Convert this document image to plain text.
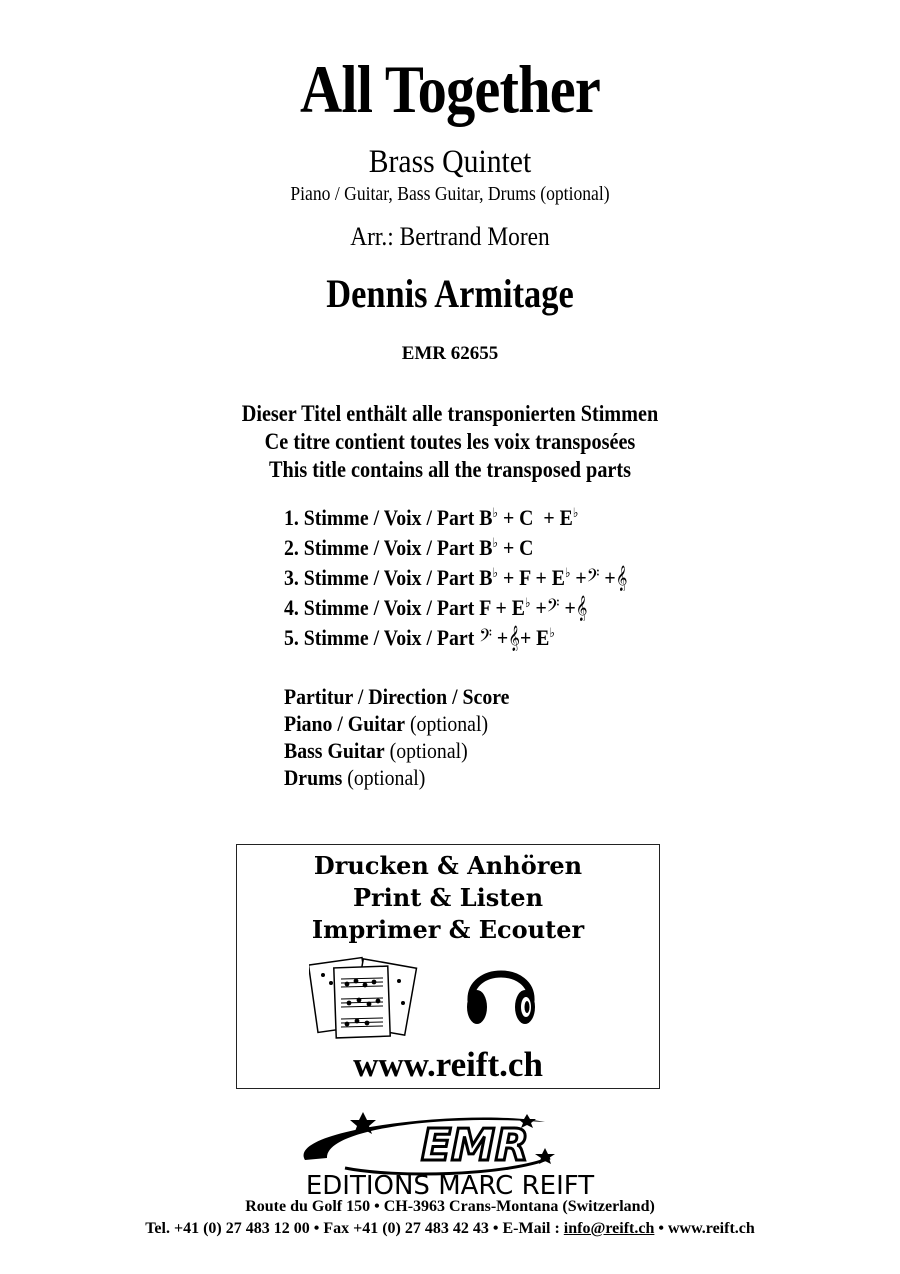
All Together
Brass Quintet
Piano / Guitar, Bass Guitar, Drums (optional)
Arr.: Bertrand Moren
Dennis Armitage
EMR 62655
Dieser Titel enthält alle transponierten Stimmen
Ce titre contient toutes les voix transposées
This title contains all the transposed parts
1. Stimme / Voix / Part B♭ + C + E♭
2. Stimme / Voix / Part B♭ + C
3. Stimme / Voix / Part B♭ + F + E♭ +𝄢 +𝄞
4. Stimme / Voix / Part F + E♭ +𝄢 +𝄞
5. Stimme / Voix / Part 𝄢 +𝄞+ E♭
Partitur / Direction / Score
Piano / Guitar (optional)
Bass Guitar (optional)
Drums (optional)
Drucken & Anhören
Print & Listen
Imprimer & Ecouter
www.reift.ch
EMR
EDITIONS MARC REIFT
Route du Golf 150 • CH-3963 Crans-Montana (Switzerland)
Tel. +41 (0) 27 483 12 00 • Fax +41 (0) 27 483 42 43 • E-Mail : info@reift.ch • www.reift.ch
